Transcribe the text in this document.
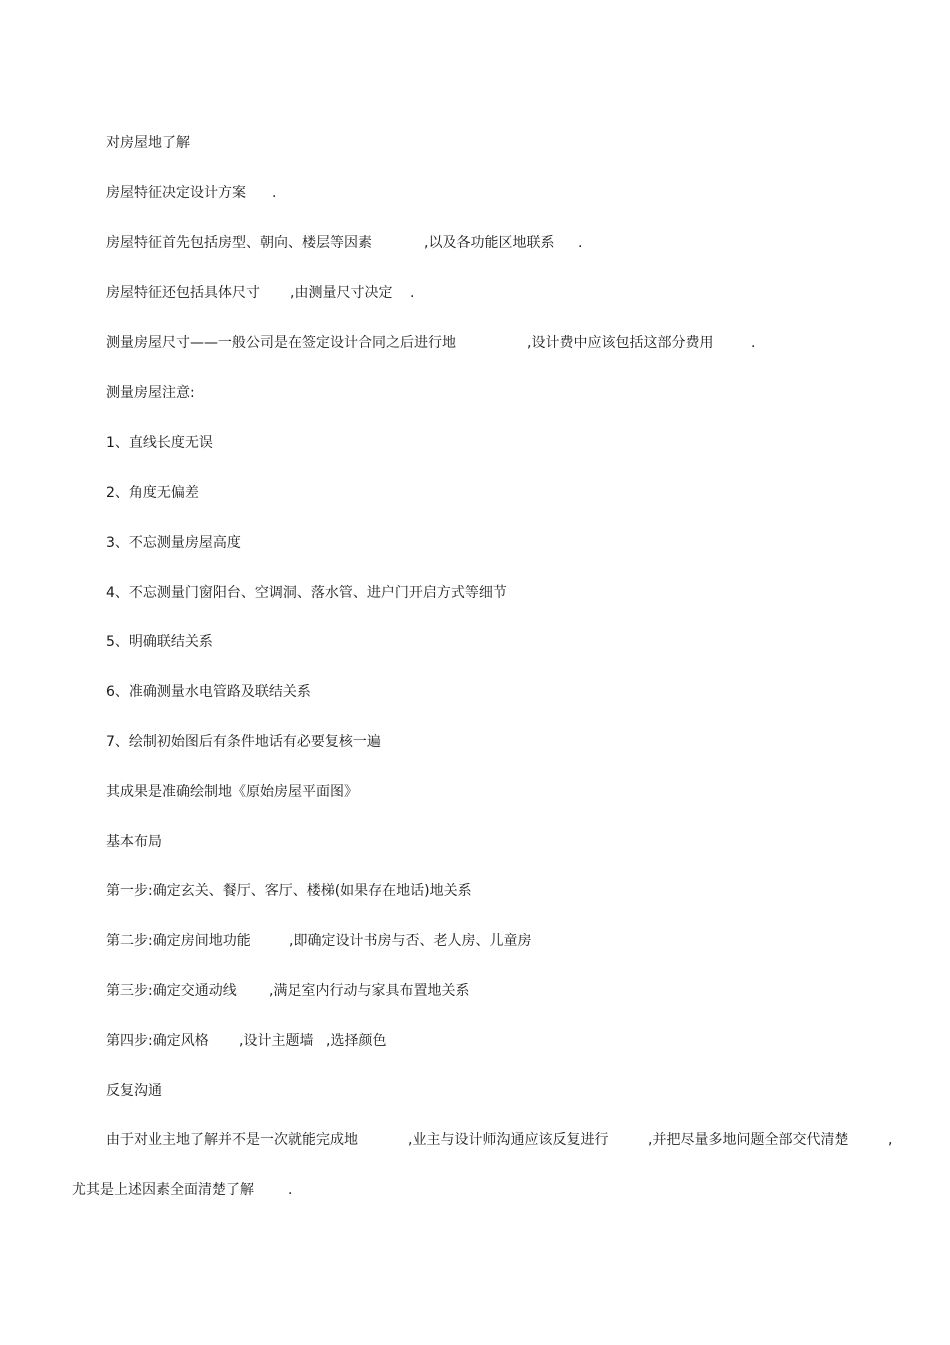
对房屋地了解

房屋特征决定设计方案

.

房屋特征首先包括房型、朝向、楼层等因素

	,以及各功能区地联系

.

房屋特征还包括具体尺寸

,由测量尺寸决定

.

测量房屋尺寸——一般公司是在签定设计合同之后进行地

	,设计费中应该包括这部分费用

	.

测量房屋注意:

1、直线长度无误

2、角度无偏差

3、不忘测量房屋高度

4、不忘测量门窗阳台、空调洞、落水管、进户门开启方式等细节

5、明确联结关系

6、准确测量水电管路及联结关系

7、绘制初始图后有条件地话有必要复核一遍

其成果是准确绘制地《原始房屋平面图》

基本布局

第一步:确定玄关、餐厅、客厅、楼梯(如果存在地话)地关系

第二步:确定房间地功能

	,即确定设计书房与否、老人房、儿童房

第三步:确定交通动线

,满足室内行动与家具布置地关系

第四步:确定风格

,设计主题墙

,选择颜色

反复沟通

由于对业主地了解并不是一次就能完成地

	,业主与设计师沟通应该反复进行

	,并把尽量多地问题全部交代清楚

	,

尤其是上述因素全面清楚了解

.
